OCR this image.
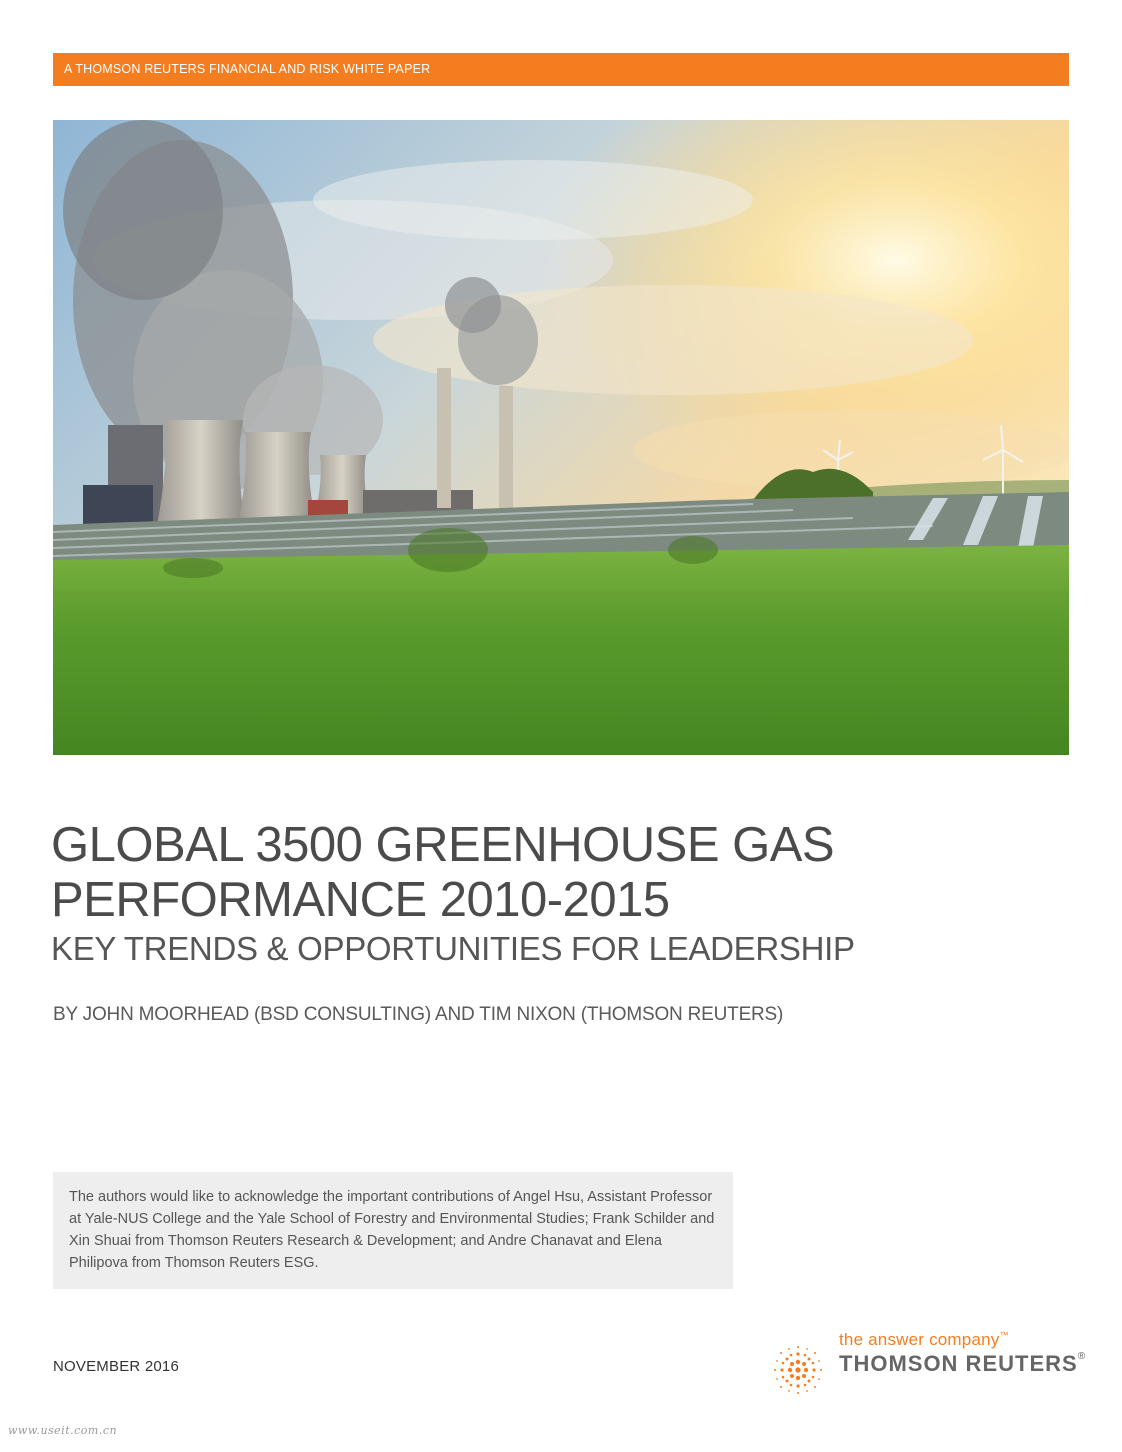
A THOMSON REUTERS FINANCIAL AND RISK WHITE PAPER

GLOBAL 3500 GREENHOUSE GAS

PERFORMANCE 2010-2015

KEY TRENDS & OPPORTUNITIES FOR LEADERSHIP

BY JOHN MOORHEAD (BSD CONSULTING) AND TIM NIXON (THOMSON REUTERS)
The authors would like to acknowledge the important contributions of Angel Hsu, Assistant Professor at Yale-NUS College and the Yale School of Forestry and Environmental Studies; Frank Schilder and Xin Shuai from Thomson Reuters Research & Development; and Andre Chanavat and Elena Philipova from Thomson Reuters ESG.
NOVEMBER 2016
the answer company™
THOMSON REUTERS®
www.useit.com.cn
